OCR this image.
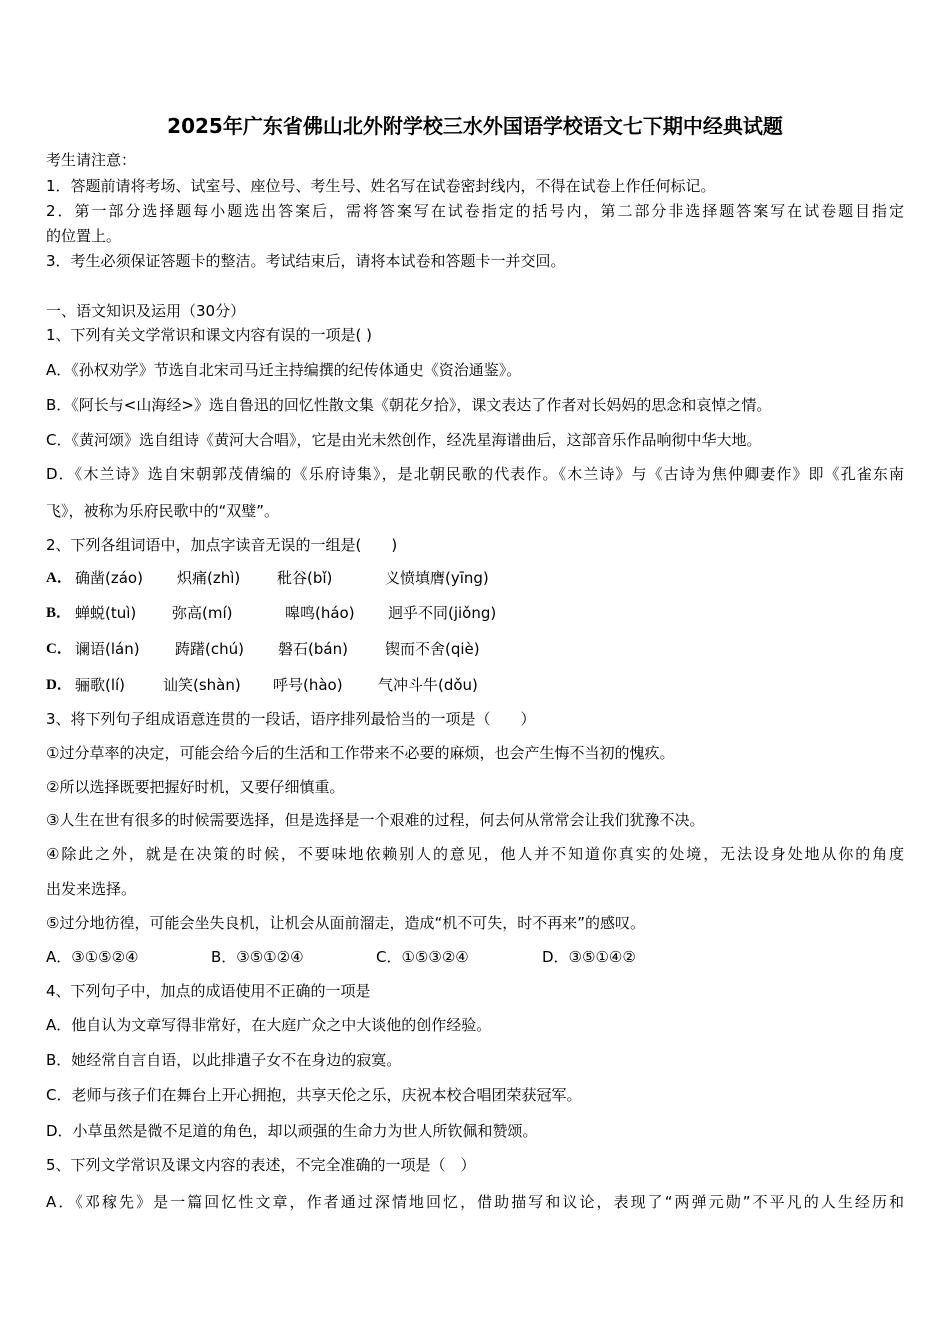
2025年广东省佛山北外附学校三水外国语学校语文七下期中经典试题
考生请注意：
1．答题前请将考场、试室号、座位号、考生号、姓名写在试卷密封线内，不得在试卷上作任何标记。
2．第一部分选择题每小题选出答案后，需将答案写在试卷指定的括号内，第二部分非选择题答案写在试卷题目指定
的位置上。
3．考生必须保证答题卡的整洁。考试结束后，请将本试卷和答题卡一并交回。
一、语文知识及运用（30分）
1、下列有关文学常识和课文内容有误的一项是( )
A．《孙权劝学》节选自北宋司马迁主持编撰的纪传体通史《资治通鉴》。
B．《阿长与<山海经>》选自鲁迅的回忆性散文集《朝花夕拾》，课文表达了作者对长妈妈的思念和哀悼之情。
C．《黄河颂》选自组诗《黄河大合唱》，它是由光未然创作，经冼星海谱曲后，这部音乐作品响彻中华大地。
D．《木兰诗》选自宋朝郭茂倩编的《乐府诗集》，是北朝民歌的代表作。《木兰诗》与《古诗为焦仲卿妻作》即《孔雀东南
飞》，被称为乐府民歌中的“双璧”。
2、下列各组词语中，加点字读音无误的一组是(　　)
A． 确凿(záo) 炽痛(zhì) 秕谷(bǐ)	义愤填膺(yīng)
B． 蝉蜕(tuì) 弥高(mí)	嗥鸣(háo) 迥乎不同(jiǒng)
C． 谰语(lán) 踌躇(chú) 磐石(bán) 锲而不舍(qiè)
D． 骊歌(lí)	讪笑(shàn) 呼号(hào) 气冲斗牛(dǒu)
3、将下列句子组成语意连贯的一段话，语序排列最恰当的一项是（　　）
①过分草率的决定，可能会给今后的生活和工作带来不必要的麻烦，也会产生悔不当初的愧疚。
②所以选择既要把握好时机，又要仔细慎重。
③人生在世有很多的时候需要选择，但是选择是一个艰难的过程，何去何从常常会让我们犹豫不决。
④除此之外，就是在决策的时候，不要味地依赖别人的意见，他人并不知道你真实的处境，无法设身处地从你的角度
出发来选择。
⑤过分地彷徨，可能会坐失良机，让机会从面前溜走，造成“机不可失，时不再来”的感叹。
A．③①⑤②④	B．③⑤①②④	C．①⑤③②④	D．③⑤①④②
4、下列句子中，加点的成语使用不正确的一项是
A．他自认为文章写得非常好，在大庭广众之中大谈他的创作经验。
B．她经常自言自语，以此排遣子女不在身边的寂寞。
C．老师与孩子们在舞台上开心拥抱，共享天伦之乐，庆祝本校合唱团荣获冠军。
D．小草虽然是微不足道的角色，却以顽强的生命力为世人所钦佩和赞颂。
5、下列文学常识及课文内容的表述，不完全准确的一项是（　）
A．《邓稼先》是一篇回忆性文章，作者通过深情地回忆，借助描写和议论，表现了“两弹元勋”不平凡的人生经历和
